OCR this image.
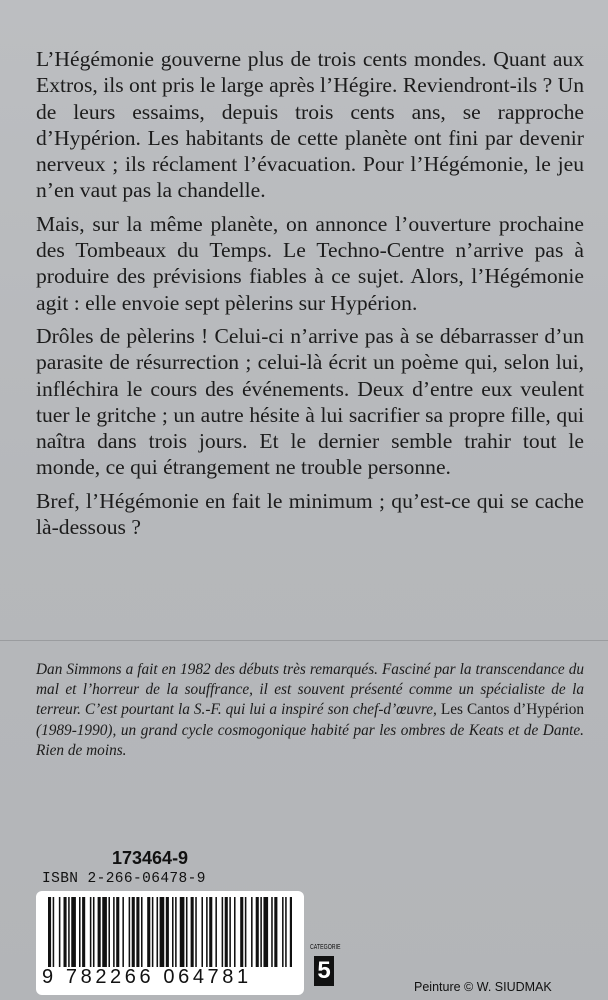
L’Hégémonie gouverne plus de trois cents mondes. Quant aux Extros, ils ont pris le large après l’Hégire. Reviendront-ils ? Un de leurs essaims, depuis trois cents ans, se rapproche d’Hypérion. Les habitants de cette planète ont fini par devenir nerveux ; ils réclament l’évacuation. Pour l’Hégémonie, le jeu n’en vaut pas la chandelle.

Mais, sur la même planète, on annonce l’ouverture prochaine des Tombeaux du Temps. Le Techno-Centre n’arrive pas à produire des prévisions fiables à ce sujet. Alors, l’Hégémonie agit : elle envoie sept pèlerins sur Hypérion.

Drôles de pèlerins ! Celui-ci n’arrive pas à se débarrasser d’un parasite de résurrection ; celui-là écrit un poème qui, selon lui, infléchira le cours des événements. Deux d’entre eux veulent tuer le gritche ; un autre hésite à lui sacrifier sa propre fille, qui naîtra dans trois jours. Et le dernier semble trahir tout le monde, ce qui étrangement ne trouble personne.

Bref, l’Hégémonie en fait le minimum ; qu’est-ce qui se cache là-dessous ?

Dan Simmons a fait en 1982 des débuts très remarqués. Fasciné par la transcendance du mal et l’horreur de la souffrance, il est souvent présenté comme un spécialiste de la terreur. C’est pourtant la S.-F. qui lui a inspiré son chef-d’œuvre, Les Cantos d’Hypérion (1989-1990), un grand cycle cosmogonique habité par les ombres de Keats et de Dante. Rien de moins.
173464-9
ISBN 2-266-06478-9
9 782266 064781
CATEGORIE
5
Peinture © W. SIUDMAK
